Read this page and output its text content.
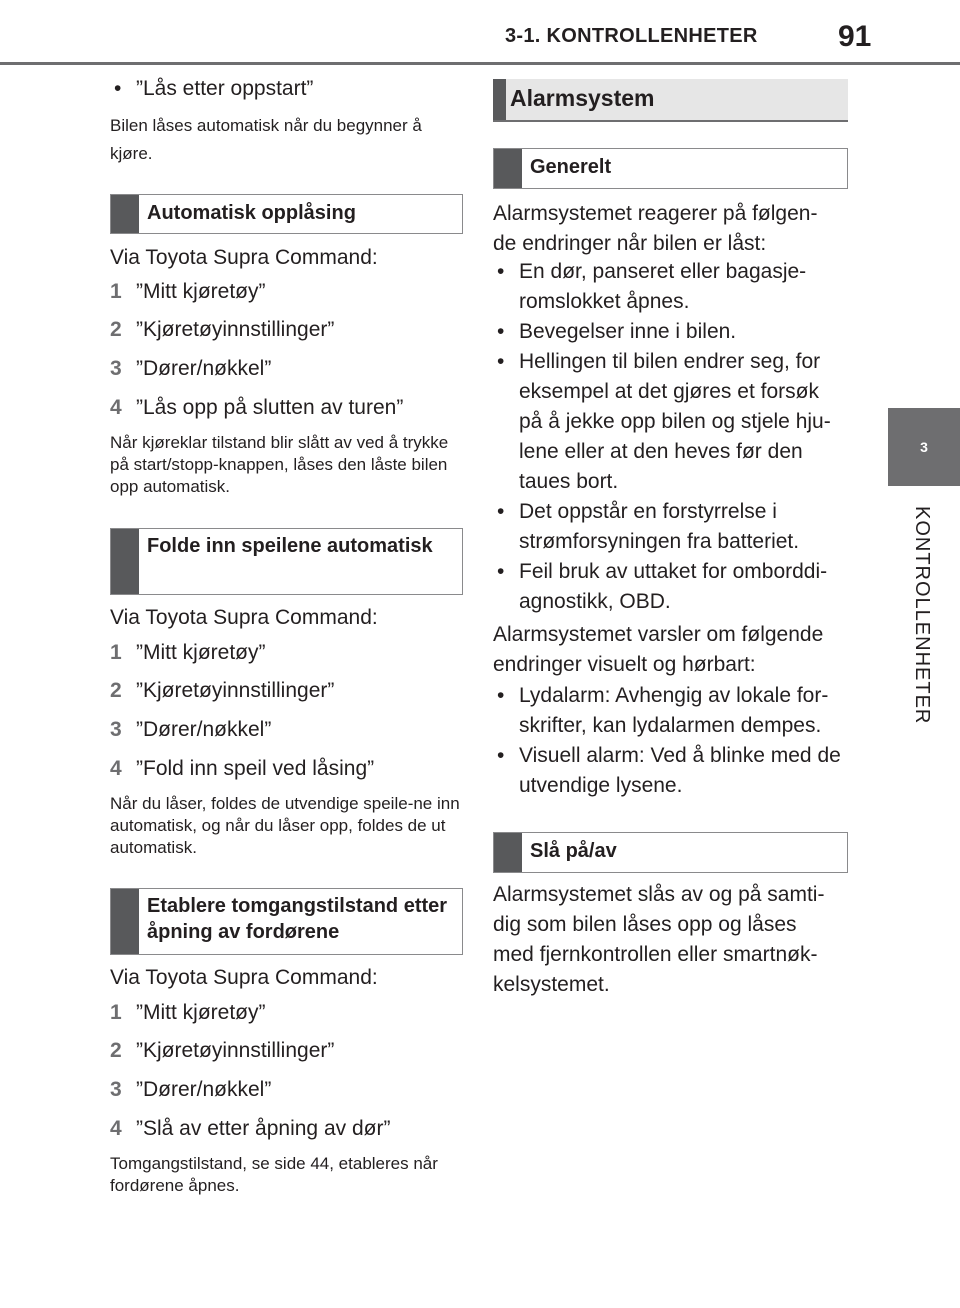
3-1. KONTROLLENHETER	91
3
KONTROLLENHETER
• ”Lås etter oppstart”
Bilen låses automatisk når du begynner å kjøre.
Automatisk opplåsing
Via Toyota Supra Command:
1 ”Mitt kjøretøy”
2 ”Kjøretøyinnstillinger”
3 ”Dører/nøkkel”
4 ”Lås opp på slutten av turen”
Når kjøreklar tilstand blir slått av ved å trykke på start/stopp-knappen, låses den låste bilen opp automatisk.
Folde inn speilene automatisk
Via Toyota Supra Command:
1 ”Mitt kjøretøy”
2 ”Kjøretøyinnstillinger”
3 ”Dører/nøkkel”
4 ”Fold inn speil ved låsing”
Når du låser, foldes de utvendige speile-ne inn automatisk, og når du låser opp, foldes de ut automatisk.
Etablere tomgangstilstand etter åpning av fordørene
Via Toyota Supra Command:
1 ”Mitt kjøretøy”
2 ”Kjøretøyinnstillinger”
3 ”Dører/nøkkel”
4 ”Slå av etter åpning av dør”
Tomgangstilstand, se side 44, etableres når fordørene åpnes.
Alarmsystem
Generelt
Alarmsystemet reagerer på følgen-de endringer når bilen er låst:
• En dør, panseret eller bagasje-romslokket åpnes.
• Bevegelser inne i bilen.
• Hellingen til bilen endrer seg, for eksempel at det gjøres et forsøk på å jekke opp bilen og stjele hju-lene eller at den heves før den taues bort.
• Det oppstår en forstyrrelse i strømforsyningen fra batteriet.
• Feil bruk av uttaket for omborddi-agnostikk, OBD.
Alarmsystemet varsler om følgende endringer visuelt og hørbart:
• Lydalarm: Avhengig av lokale for-skrifter, kan lydalarmen dempes.
• Visuell alarm: Ved å blinke med de utvendige lysene.
Slå på/av
Alarmsystemet slås av og på samti-dig som bilen låses opp og låses med fjernkontrollen eller smartnøk-kelsystemet.
